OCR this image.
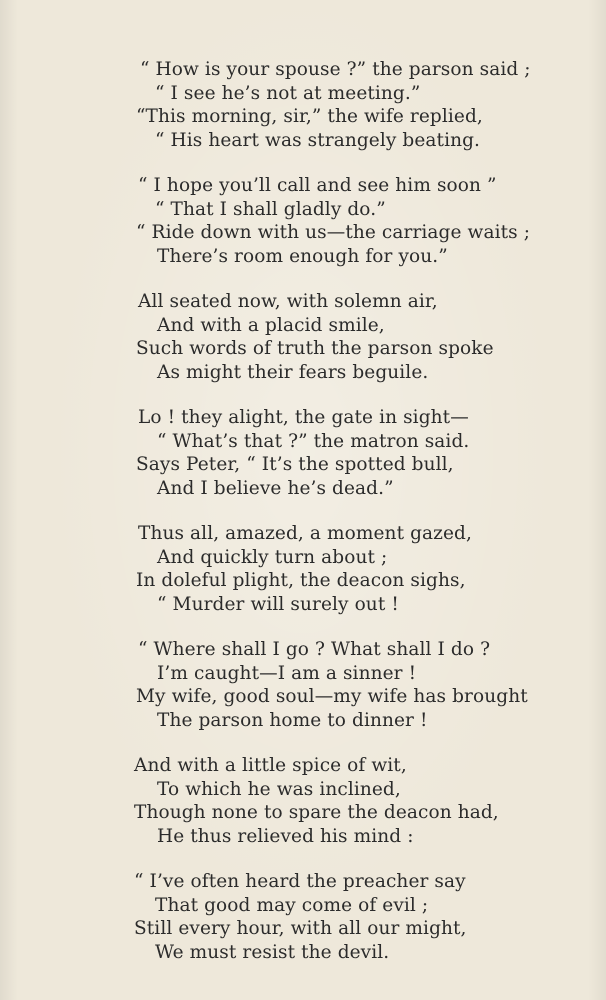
“ How is your spouse ?” the parson said ;
“ I see he’s not at meeting.”
“This morning, sir,” the wife replied,
“ His heart was strangely beating.
“ I hope you’ll call and see him soon ”
“ That I shall gladly do.”
“ Ride down with us—the carriage waits ;
There’s room enough for you.”
All seated now, with solemn air,
And with a placid smile,
Such words of truth the parson spoke
As might their fears beguile.
Lo ! they alight, the gate in sight—
“ What’s that ?” the matron said.
Says Peter, “ It’s the spotted bull,
And I believe he’s dead.”
Thus all, amazed, a moment gazed,
And quickly turn about ;
In doleful plight, the deacon sighs,
“ Murder will surely out !
“ Where shall I go ? What shall I do ?
I’m caught—I am a sinner !
My wife, good soul—my wife has brought
The parson home to dinner !
And with a little spice of wit,
To which he was inclined,
Though none to spare the deacon had,
He thus relieved his mind :
“ I’ve often heard the preacher say
That good may come of evil ;
Still every hour, with all our might,
We must resist the devil.
